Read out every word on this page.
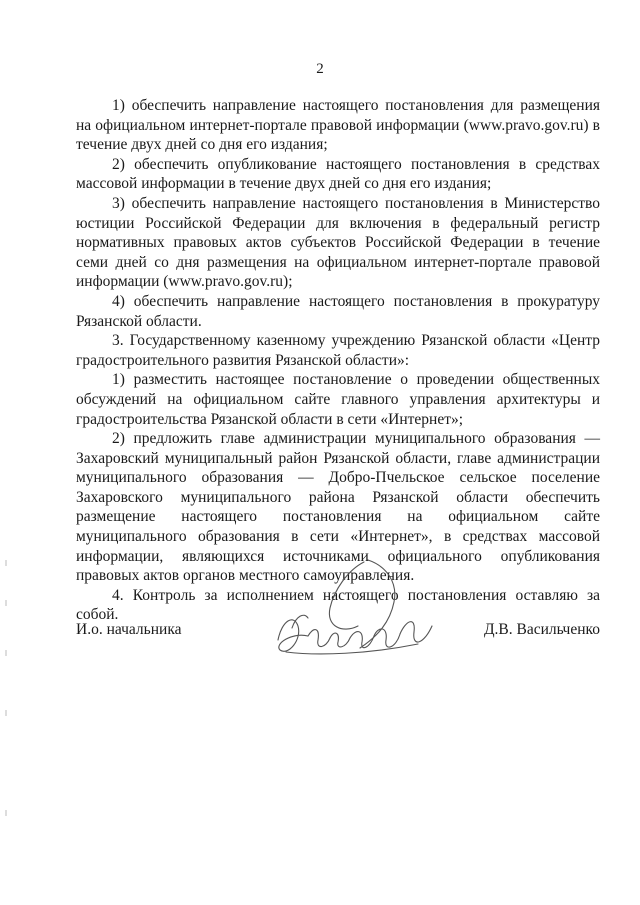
2

1) обеспечить направление настоящего постановления для размещения на официальном интернет-портале правовой информации (www.pravo.gov.ru) в течение двух дней со дня его издания;

2) обеспечить опубликование настоящего постановления в средствах массовой информации в течение двух дней со дня его издания;

3) обеспечить направление настоящего постановления в Министерство юстиции Российской Федерации для включения в федеральный регистр нормативных правовых актов субъектов Российской Федерации в течение семи дней со дня размещения на официальном интернет-портале правовой информации (www.pravo.gov.ru);

4) обеспечить направление настоящего постановления в прокуратуру Рязанской области.

3. Государственному казенному учреждению Рязанской области «Центр градостроительного развития Рязанской области»:

1) разместить настоящее постановление о проведении общественных обсуждений на официальном сайте главного управления архитектуры и градостроительства Рязанской области в сети «Интернет»;

2) предложить главе администрации муниципального образования — Захаровский муниципальный район Рязанской области, главе администрации муниципального образования — Добро-Пчельское сельское поселение Захаровского муниципального района Рязанской области обеспечить размещение настоящего постановления на официальном сайте муниципального образования в сети «Интернет», в средствах массовой информации, являющихся источниками официального опубликования правовых актов органов местного самоуправления.

4. Контроль за исполнением настоящего постановления оставляю за собой.

И.о. начальника	Д.В. Васильченко
